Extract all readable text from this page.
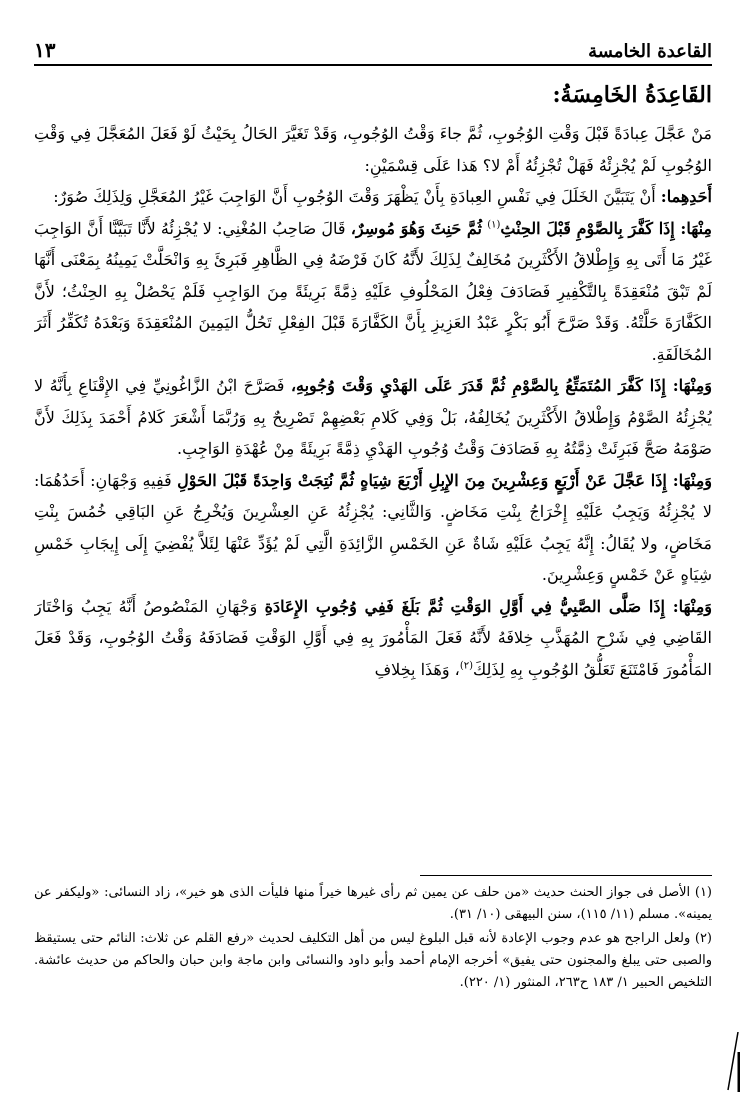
١٣	القاعدة الخامسة
القَاعِدَةُ الخَامِسَةُ:

مَنْ عَجَّلَ عِبادَةً قَبْلَ وَقْتِ الوُجُوبِ، ثُمَّ جاءَ وَقْتُ الوُجُوبِ، وَقَدْ تَغَيَّرَ الحَالُ بِحَيْثُ لَوْ فَعَلَ المُعَجَّلَ فِي وَقْتِ الوُجُوبِ لَمْ يُجْزِئْهُ فَهَلْ تُجْزِئُهُ أَمْ لا؟ هَذا عَلَى قِسْمَيْنِ:

أَحَدِهِما: أَنْ يَتَبَيَّنَ الخَلَلَ فِي نَفْسِ العِبادَةِ بِأَنْ يَظْهَرَ وَقْتَ الوُجُوبِ أَنَّ الوَاجِبَ غَيْرُ المُعَجَّلِ وَلِذَلِكَ صُوَرٌ:

مِنْهَا: إِذَا كَفَّرَ بِالصَّوْمِ قَبْلَ الحِنْثِ$^{(١)}$ ثُمَّ حَنِثَ وَهُوَ مُوسِرٌ، قَالَ صَاحِبُ المُغْنِي: لا يُجْزِئُهُ لأَنَّا تَبَيَّنَّا أَنَّ الوَاجِبَ غَيْرُ مَا أَتَى بِهِ وَإِطْلاقُ الأَكْثَرِينَ مُخَالِفٌ لِذَلِكَ لأَنَّهُ كَانَ فَرْضَهُ فِي الظَّاهِرِ فَبَرِئَ بِهِ وَانْحَلَّتْ يَمِينُهُ بِمَعْنَى أَنَّهَا لَمْ تَبْقَ مُنْعَقِدَةً بِالتَّكْفِيرِ فَصَادَفَ فِعْلُ المَحْلُوفِ عَلَيْهِ ذِمَّةً بَرِيئَةً مِنَ الوَاجِبِ فَلَمْ يَحْصُلْ بِهِ الحِنْثُ؛ لأَنَّ الكَفَّارَةَ حَلَّتْهُ. وَقَدْ صَرَّحَ أَبُو بَكْرٍ عَبْدُ العَزِيزِ بِأَنَّ الكَفَّارَةَ قَبْلَ الفِعْلِ تَحُلُّ اليَمِينَ المُنْعَقِدَةَ وَبَعْدَهُ تُكَفِّرُ أَثَرَ المُخَالَفَةِ.

وَمِنْهَا: إِذَا كَفَّرَ المُتَمَتِّعُ بِالصَّوْمِ ثُمَّ قَدَرَ عَلَى الهَدْيِ وَقْتَ وُجُوبِهِ، فَصَرَّحَ ابْنُ الزَّاغُونِيِّ فِي الإِقْنَاعِ بِأَنَّهُ لا يُجْزِئُهُ الصَّوْمُ وَإِطْلاقُ الأَكْثَرِينَ يُخَالِفُهُ، بَلْ وَفِي كَلامِ بَعْضِهِمْ تَصْرِيحٌ بِهِ وَرُبَّمَا أَشْعَرَ كَلامُ أَحْمَدَ بِذَلِكَ لأَنَّ صَوْمَهُ صَحَّ فَبَرِئَتْ ذِمَّتُهُ بِهِ فَصَادَفَ وَقْتُ وُجُوبِ الهَدْيِ ذِمَّةً بَرِيئَةً مِنْ عُهْدَةِ الوَاجِبِ.

وَمِنْهَا: إِذَا عَجَّلَ عَنْ أَرْبَعٍ وَعِشْرِينَ مِنَ الإِبِلِ أَرْبَعَ شِيَاهٍ ثُمَّ نُتِجَتْ وَاحِدَةً قَبْلَ الحَوْلِ فَفِيهِ وَجْهَانِ: أَحَدُهُمَا: لا يُجْزِئُهُ وَيَجِبُ عَلَيْهِ إِخْرَاجُ بِنْتِ مَخَاضٍ. وَالثَّانِي: يُجْزِئُهُ عَنِ العِشْرِينَ وَيُخْرِجُ عَنِ البَاقِي خُمُسَ بِنْتِ مَخَاضٍ، ولا يُقَالُ: إِنَّهُ يَجِبُ عَلَيْهِ شَاةٌ عَنِ الخَمْسِ الزَّائِدَةِ الَّتِي لَمْ يُؤَدِّ عَنْهَا لِئَلاَّ يُفْضِيَ إِلَى إِيجَابِ خَمْسِ شِيَاهٍ عَنْ خَمْسٍ وَعِشْرِينَ.

وَمِنْهَا: إِذَا صَلَّى الصَّبِيُّ فِي أَوَّلِ الوَقْتِ ثُمَّ بَلَغَ فَفِي وُجُوبِ الإِعَادَةِ وَجْهَانِ المَنْصُوصُ أَنَّهُ يَجِبُ وَاخْتَارَ القَاضِي فِي شَرْحِ المُهَذَّبِ خِلافَهُ لأَنَّهُ فَعَلَ المَأْمُورَ بِهِ فِي أَوَّلِ الوَقْتِ فَصَادَفَهُ وَقْتُ الوُجُوبِ، وَقَدْ فَعَلَ المَأْمُورَ فَامْتَنَعَ تَعَلُّقُ الوُجُوبِ بِهِ لِذَلِكَ$^{(٢)}$، وَهَذَا بِخِلافِ

(١) الأصل فى جواز الحنث حديث «من حلف عن يمين ثم رأى غيرها خيراً منها فليأت الذى هو خير»، زاد النسائى: «وليكفر عن يمينه». مسلم (١١/ ١١٥)، سنن البيهقى (١٠/ ٣١).

(٢) ولعل الراجح هو عدم وجوب الإعادة لأنه قبل البلوغ ليس من أهل التكليف لحديث «رفع القلم عن ثلاث: النائم حتى يستيقظ والصبى حتى يبلغ والمجنون حتى يفيق» أخرجه الإمام أحمد وأبو داود والنسائى وابن ماجة وابن حبان والحاكم من حديث عائشة. التلخيص الحبير ١/ ١٨٣ ح٢٦٣، المنثور (١/ ٢٢٠).
